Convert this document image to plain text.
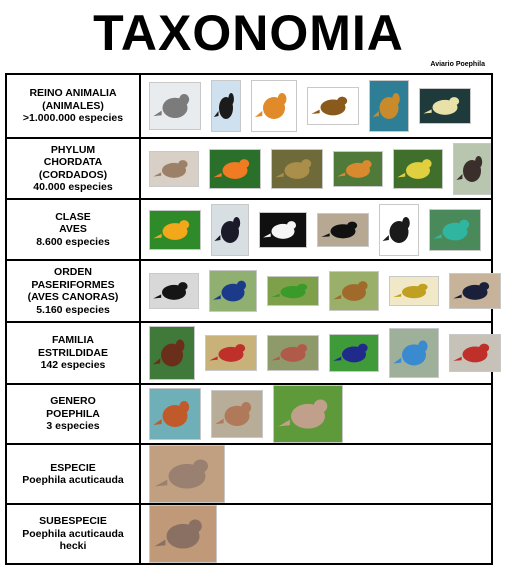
TAXONOMIA
Aviario Poephila
REINO ANIMALIA
(ANIMALES)
>1.000.000 especies

PHYLUM
CHORDATA
(CORDADOS)
40.000 especies

CLASE
AVES
8.600 especies

ORDEN
PASERIFORMES
(AVES CANORAS)
5.160 especies

FAMILIA
ESTRILDIDAE
142 especies

GENERO
POEPHILA
3 especies

ESPECIE
Poephila acuticauda

SUBESPECIE
Poephila acuticauda
hecki
